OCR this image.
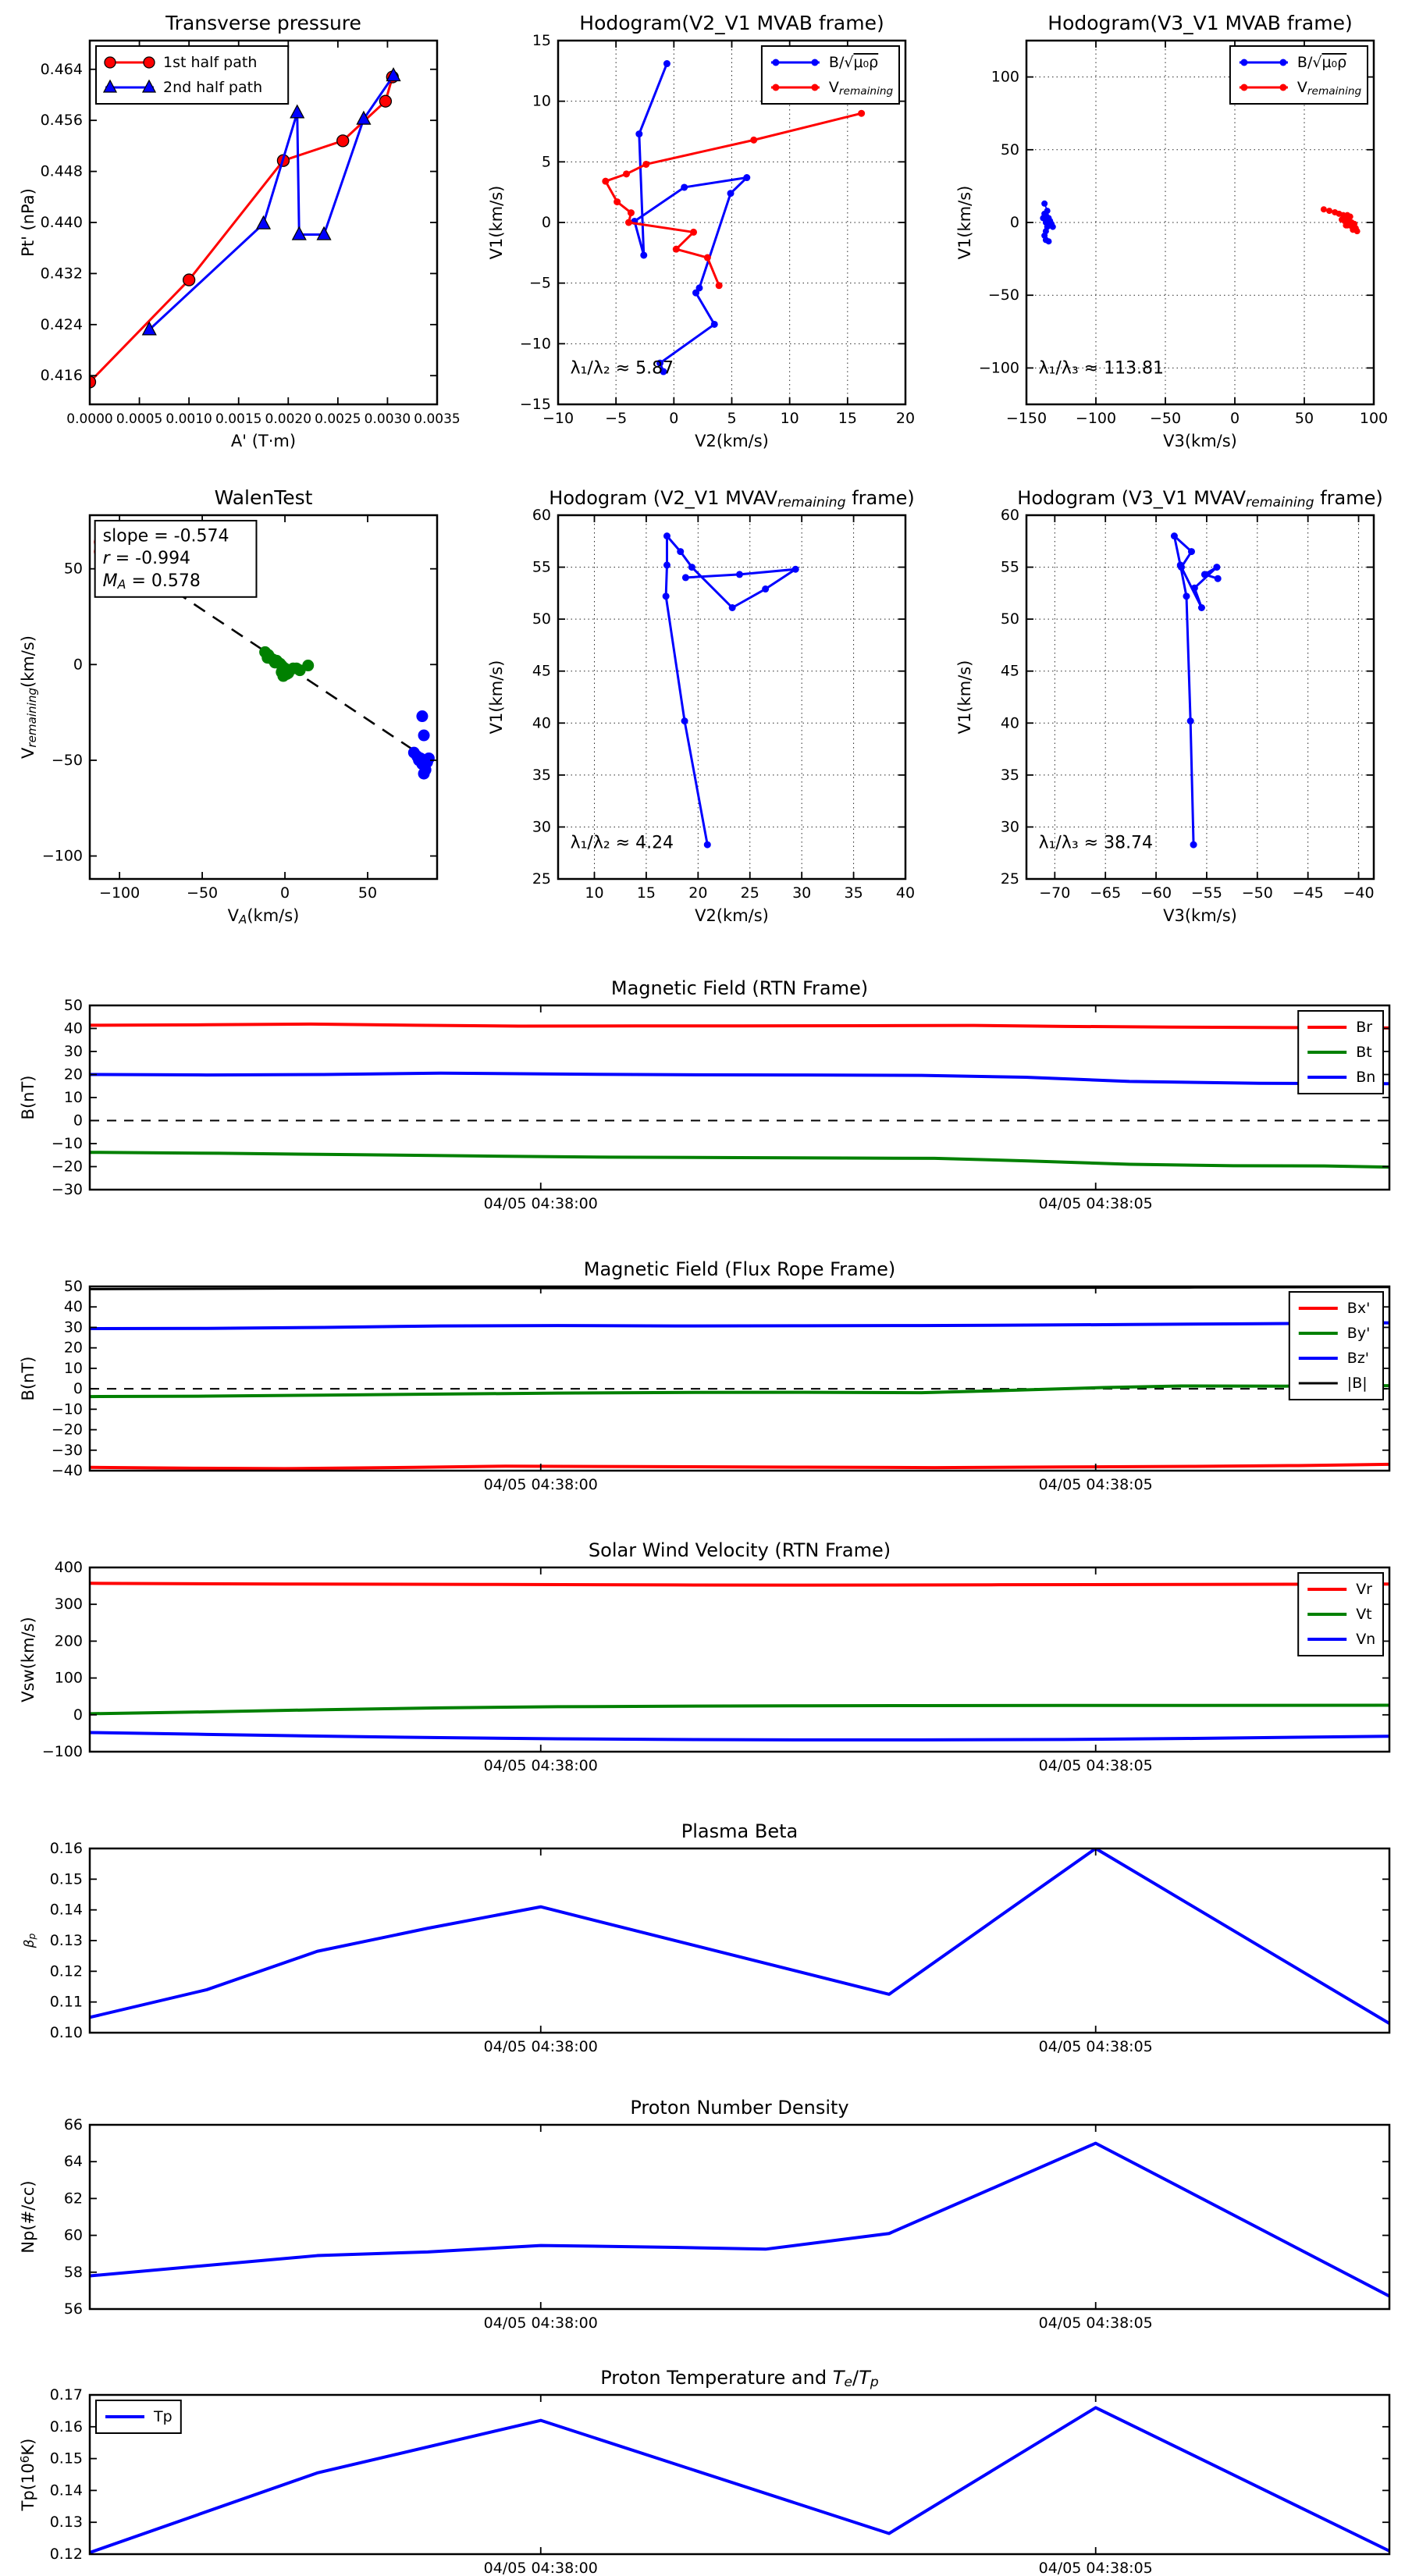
0.0000 0.0005 0.0010 0.0015 0.0020 0.0025 0.0030 0.0035
0.416
0.424
0.432
0.440
0.448
0.456
0.464
Transverse pressure
A' (T·m)
Pt' (nPa)
1st half path
2nd half path
−10 −5	0	5	10	15	20
−15
−10
−5
0
5
10
15
Hodogram(V2_V1 MVAB frame)
V2(km/s)
V1(km/s)
B/√μ₀ρ
Vremaining
λ₁/λ₂ ≈ 5.87
−150 −100 −50	0	50	100
−100
−50
0
50
100
Hodogram(V3_V1 MVAB frame)
V3(km/s)
V1(km/s)
B/√μ₀ρ
Vremaining
λ₁/λ₃ ≈ 113.81
−100	−50	0	50
−100
−50
0
50
WalenTest
VA(km/s)
Vremaining(km/s)
slope = -0.574
r = -0.994
MA = 0.578
10 15 20 25 30 35 40
25
30
35
40
45
50
55
60
Hodogram (V2_V1 MVAVremaining frame)
V2(km/s)
V1(km/s)
λ₁/λ₂ ≈ 4.24
−70 −65 −60 −55 −50 −45 −40
25
30
35
40
45
50
55
60
Hodogram (V3_V1 MVAVremaining frame)
V3(km/s)
V1(km/s)
λ₁/λ₃ ≈ 38.74
04/05 04:38:00	04/05 04:38:05
−30
−20
−10
0
10
20
30
40
50
Magnetic Field (RTN Frame)
B(nT)
Br
Bt
Bn
04/05 04:38:00	04/05 04:38:05
−40
−30
−20
−10
0
10
20
30
40
50
Magnetic Field (Flux Rope Frame)
B(nT)
Bx'
By'
Bz'
|B|
04/05 04:38:00	04/05 04:38:05
−100
0
100
200
300
400
Solar Wind Velocity (RTN Frame)
Vsw(km/s)
Vr
Vt
Vn
04/05 04:38:00	04/05 04:38:05
0.10
0.11
0.12
0.13
0.14
0.15
0.16
Plasma Beta
βp
04/05 04:38:00	04/05 04:38:05
56
58
60
62
64
66
Proton Number Density
Np(#/cc)
04/05 04:38:00	04/05 04:38:05
0.12
0.13
0.14
0.15
0.16
0.17
Proton Temperature and Te/Tp
Tp(106K)
Tp
